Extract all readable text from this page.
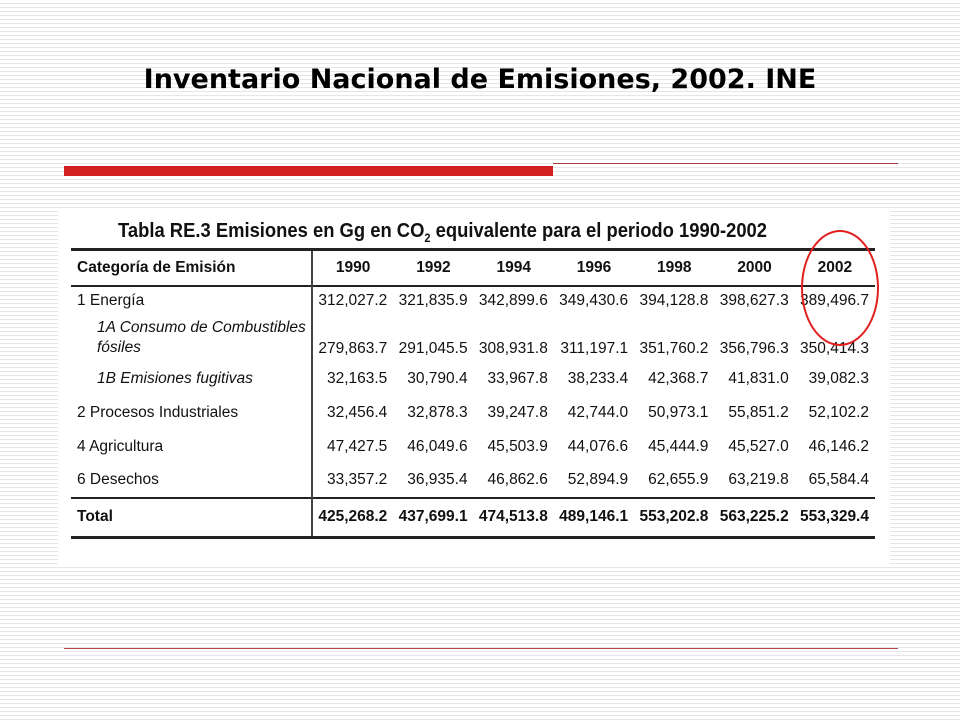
Inventario Nacional de Emisiones, 2002. INE
Tabla RE.3 Emisiones en Gg en $CO_2$ equivalente para el periodo 1990-2002
Categoría de Emisión	1990	1992	1994	1996	1998	2000	2002
1 Energía	312,027.2	321,835.9	342,899.6	349,430.6	394,128.8	398,627.3	389,496.7
1A Consumo de Combustibles
fósiles	279,863.7	291,045.5	308,931.8	311,197.1	351,760.2	356,796.3	350,414.3
1B Emisiones fugitivas	32,163.5	30,790.4	33,967.8	38,233.4	42,368.7	41,831.0	39,082.3
2 Procesos Industriales	32,456.4	32,878.3	39,247.8	42,744.0	50,973.1	55,851.2	52,102.2
4 Agricultura	47,427.5	46,049.6	45,503.9	44,076.6	45,444.9	45,527.0	46,146.2
6 Desechos	33,357.2	36,935.4	46,862.6	52,894.9	62,655.9	63,219.8	65,584.4
Total	425,268.2	437,699.1	474,513.8	489,146.1	553,202.8	563,225.2	553,329.4
